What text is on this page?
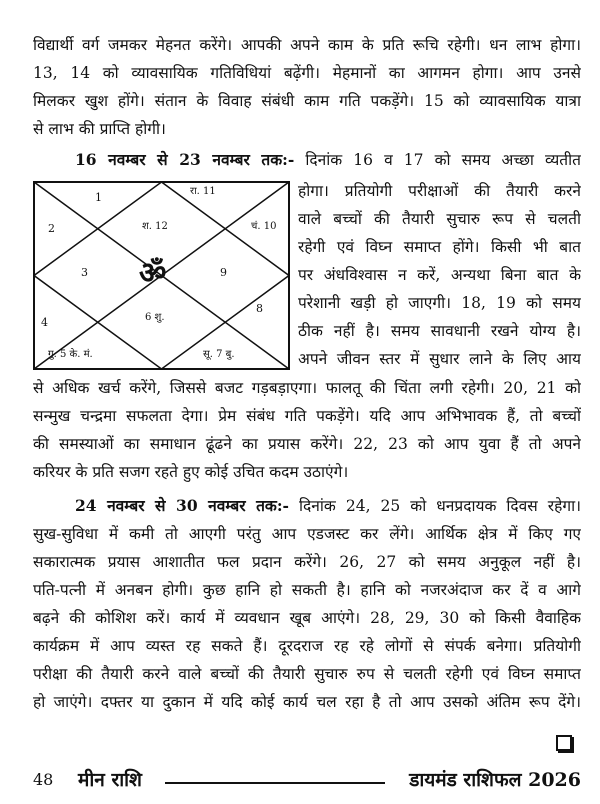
विद्यार्थी वर्ग जमकर मेहनत करेंगे। आपकी अपने काम के प्रति रूचि रहेगी। धन लाभ होगा।
13, 14 को व्यावसायिक गतिविधियां बढ़ेंगी। मेहमानों का आगमन होगा। आप उनसे
मिलकर खुश होंगे। संतान के विवाह संबंधी काम गति पकड़ेंगे। 15 को व्यावसायिक यात्रा
से लाभ की प्राप्ति होगी।
16 नवम्बर से 23 नवम्बर तक:- दिनांक 16 व 17 को समय अच्छा व्यतीत
1
2
3
4
8
9
रा. 11
श. 12	चं. 10
ॐ
6 शु.
गु. 5 के. मं.	सू. 7 बु.
होगा। प्रतियोगी परीक्षाओं की तैयारी करने
वाले बच्चों की तैयारी सुचारु रूप से चलती
रहेगी एवं विघ्न समाप्त होंगे। किसी भी बात
पर अंधविश्वास न करें, अन्यथा बिना बात के
परेशानी खड़ी हो जाएगी। 18, 19 को समय
ठीक नहीं है। समय सावधानी रखने योग्य है।
अपने जीवन स्तर में सुधार लाने के लिए आय
से अधिक खर्च करेंगे, जिससे बजट गड़बड़ाएगा। फालतू की चिंता लगी रहेगी। 20, 21 को
सन्मुख चन्द्रमा सफलता देगा। प्रेम संबंध गति पकड़ेंगे। यदि आप अभिभावक हैं, तो बच्चों
की समस्याओं का समाधान ढूंढने का प्रयास करेंगे। 22, 23 को आप युवा हैं तो अपने
करियर के प्रति सजग रहते हुए कोई उचित कदम उठाएंगे।
24 नवम्बर से 30 नवम्बर तक:- दिनांक 24, 25 को धनप्रदायक दिवस रहेगा।
सुख-सुविधा में कमी तो आएगी परंतु आप एडजस्ट कर लेंगे। आर्थिक क्षेत्र में किए गए
सकारात्मक प्रयास आशातीत फल प्रदान करेंगे। 26, 27 को समय अनुकूल नहीं है।
पति-पत्नी में अनबन होगी। कुछ हानि हो सकती है। हानि को नजरअंदाज कर दें व आगे
बढ़ने की कोशिश करें। कार्य में व्यवधान खूब आएंगे। 28, 29, 30 को किसी वैवाहिक
कार्यक्रम में आप व्यस्त रह सकते हैं। दूरदराज रह रहे लोगों से संपर्क बनेगा। प्रतियोगी
परीक्षा की तैयारी करने वाले बच्चों की तैयारी सुचारु रुप से चलती रहेगी एवं विघ्न समाप्त
हो जाएंगे। दफ्तर या दुकान में यदि कोई कार्य चल रहा है तो आप उसको अंतिम रूप देंगे।
48 मीन राशि	डायमंड राशिफल 2026
